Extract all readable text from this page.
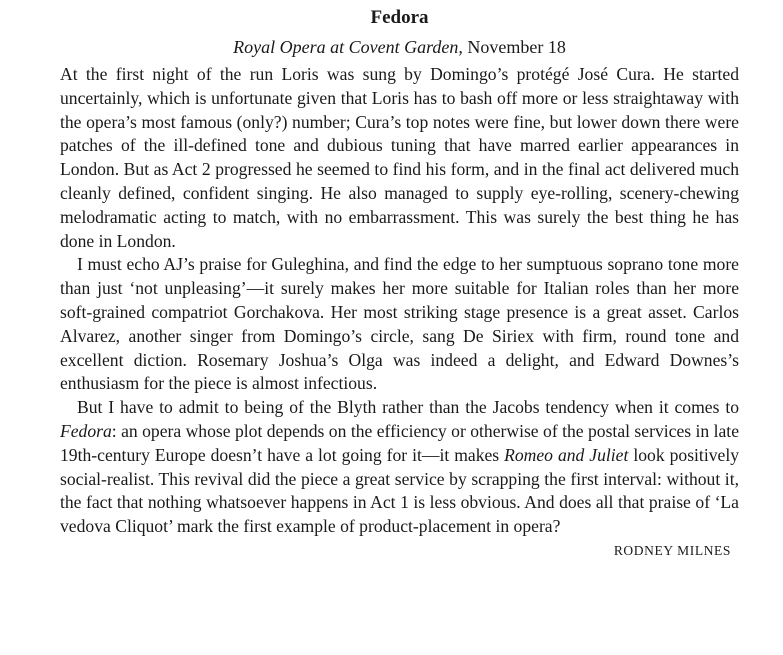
Fedora
Royal Opera at Covent Garden, November 18

At the first night of the run Loris was sung by Domingo’s protégé José Cura. He started uncertainly, which is unfortunate given that Loris has to bash off more or less straightaway with the opera’s most famous (only?) number; Cura’s top notes were fine, but lower down there were patches of the ill-defined tone and dubious tuning that have marred earlier appearances in London. But as Act 2 progressed he seemed to find his form, and in the final act delivered much cleanly defined, confident singing. He also managed to supply eye-rolling, scenery-chewing melodramatic acting to match, with no embarrassment. This was surely the best thing he has done in London.

I must echo AJ’s praise for Guleghina, and find the edge to her sumptuous soprano tone more than just ‘not unpleasing’—it surely makes her more suitable for Italian roles than her more soft-grained compatriot Gorchakova. Her most striking stage presence is a great asset. Carlos Alvarez, another singer from Domingo’s circle, sang De Siriex with firm, round tone and excellent diction. Rosemary Joshua’s Olga was indeed a delight, and Edward Downes’s enthusiasm for the piece is almost infectious.

But I have to admit to being of the Blyth rather than the Jacobs tendency when it comes to Fedora: an opera whose plot depends on the efficiency or otherwise of the postal services in late 19th-century Europe doesn’t have a lot going for it—it makes Romeo and Juliet look positively social-realist. This revival did the piece a great service by scrapping the first interval: without it, the fact that nothing whatsoever happens in Act 1 is less obvious. And does all that praise of ‘La vedova Cliquot’ mark the first example of product-placement in opera?

RODNEY MILNES
